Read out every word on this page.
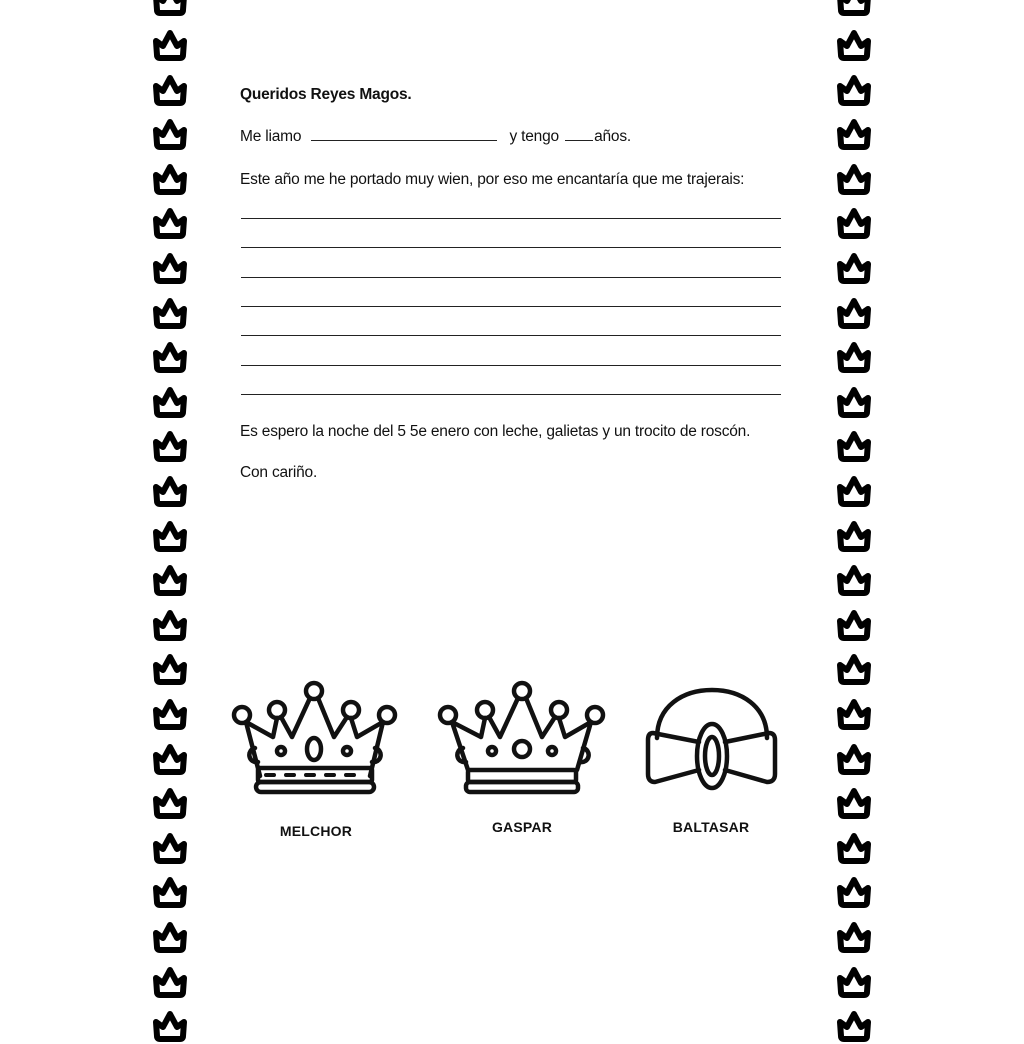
Queridos Reyes Magos.
Me liamo	y tengo años.
Este año me he portado muy wien, por eso me encantaría que me trajerais:
Es espero la noche del 5 5e enero con leche, galietas y un trocito de roscón.
Con cariño.
MELCHOR	GASPAR	BALTASAR
